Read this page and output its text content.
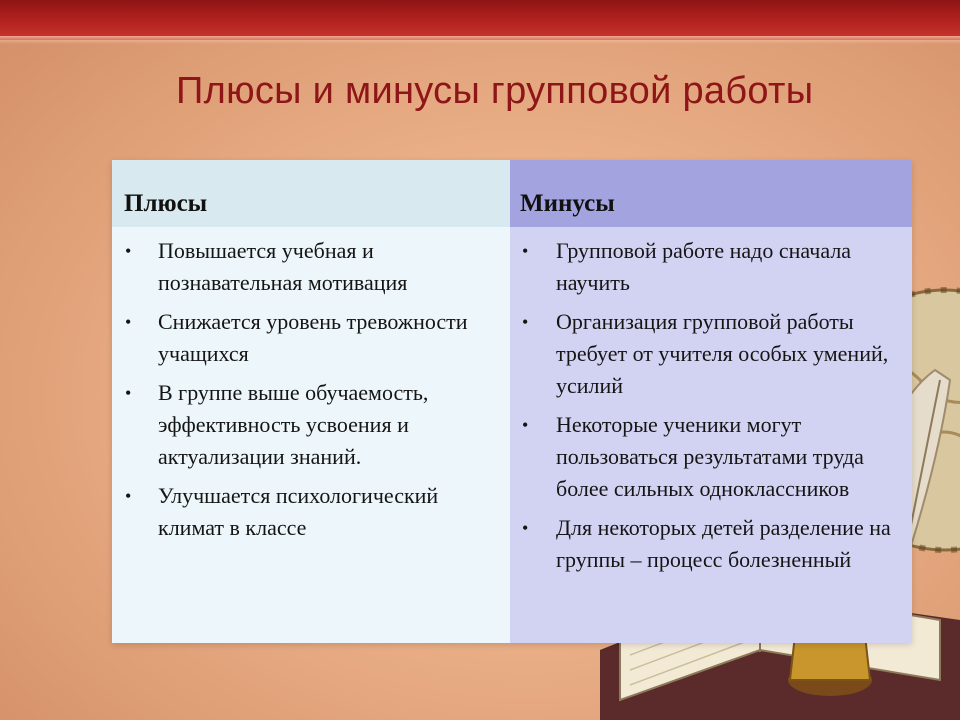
Плюсы и минусы групповой работы
Плюсы	Минусы
• Повышается учебная и познавательная мотивация
• Снижается уровень тревожности учащихся
• В группе выше обучаемость, эффективность усвоения и актуализации знаний.
• Улучшается психологический климат в классе
• Групповой работе надо сначала научить
• Организация групповой работы требует от учителя особых умений, усилий
• Некоторые ученики могут пользоваться результатами труда более сильных одноклассников
• Для некоторых детей разделение на группы – процесс болезненный
